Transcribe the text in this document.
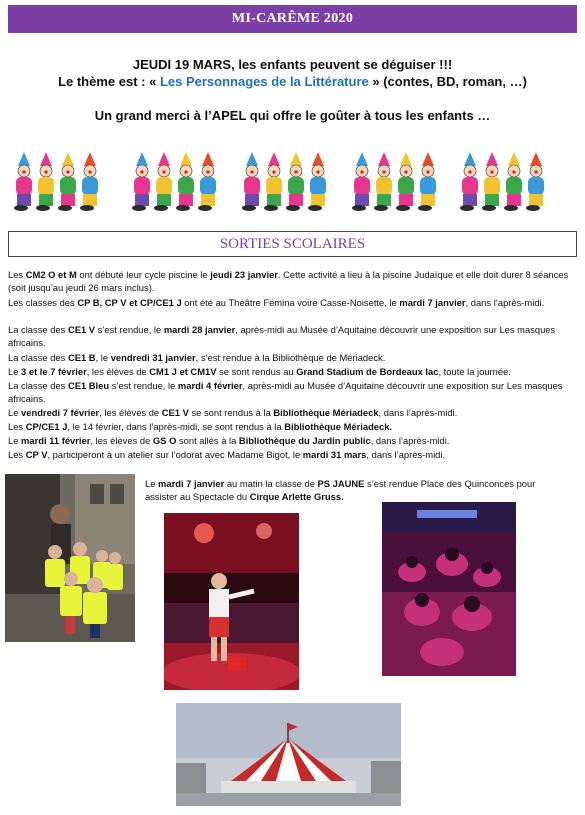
MI-CARÊME 2020
JEUDI 19 MARS, les enfants peuvent se déguiser !!!
Le thème est : « Les Personnages de la Littérature » (contes, BD, roman, …)
Un grand merci à l’APEL qui offre le goûter à tous les enfants …
SORTIES SCOLAIRES
Les CM2 O et M ont débuté leur cycle piscine le jeudi 23 janvier. Cette activité a lieu à la piscine Judaïque et elle doit durer 8 séances (soit jusqu’au jeudi 26 mars inclus).
Les classes des CP B, CP V et CP/CE1 J ont été au Théâtre Fémina voire Casse-Noisette, le mardi 7 janvier, dans l’après-midi.
La classe des CE1 V s’est rendue, le mardi 28 janvier, après-midi au Musée d’Aquitaine découvrir une exposition sur Les masques africains.
La classe des CE1 B, le vendredi 31 janvier, s’est rendue à la Bibliothèque de Mériadeck.
Le 3 et le 7 février, les élèves de CM1 J et CM1V se sont rendus au Grand Stadium de Bordeaux lac, toute la journée.
La classe des CE1 Bleu s’est rendue, le mardi 4 février, après-midi au Musée d’Aquitaine découvrir une exposition sur Les masques africains.
Le vendredi 7 février, les élèves de CE1 V se sont rendus à la Bibliothèque Mériadeck, dans l’après-midi.
Les CP/CE1 J, le 14 février, dans l’après-midi, se sont rendus à la Bibliothèque Mériadeck.
Le mardi 11 février, les élèves de GS O sont allés à la Bibliothèque du Jardin public, dans l’après-midi.
Les CP V, participeront à un atelier sur l’odorat avec Madame Bigot, le mardi 31 mars, dans l’après-midi.
Le mardi 7 janvier au matin la classe de PS JAUNE s’est rendue Place des Quinconces pour assister au Spectacle du Cirque Arlette Gruss.
